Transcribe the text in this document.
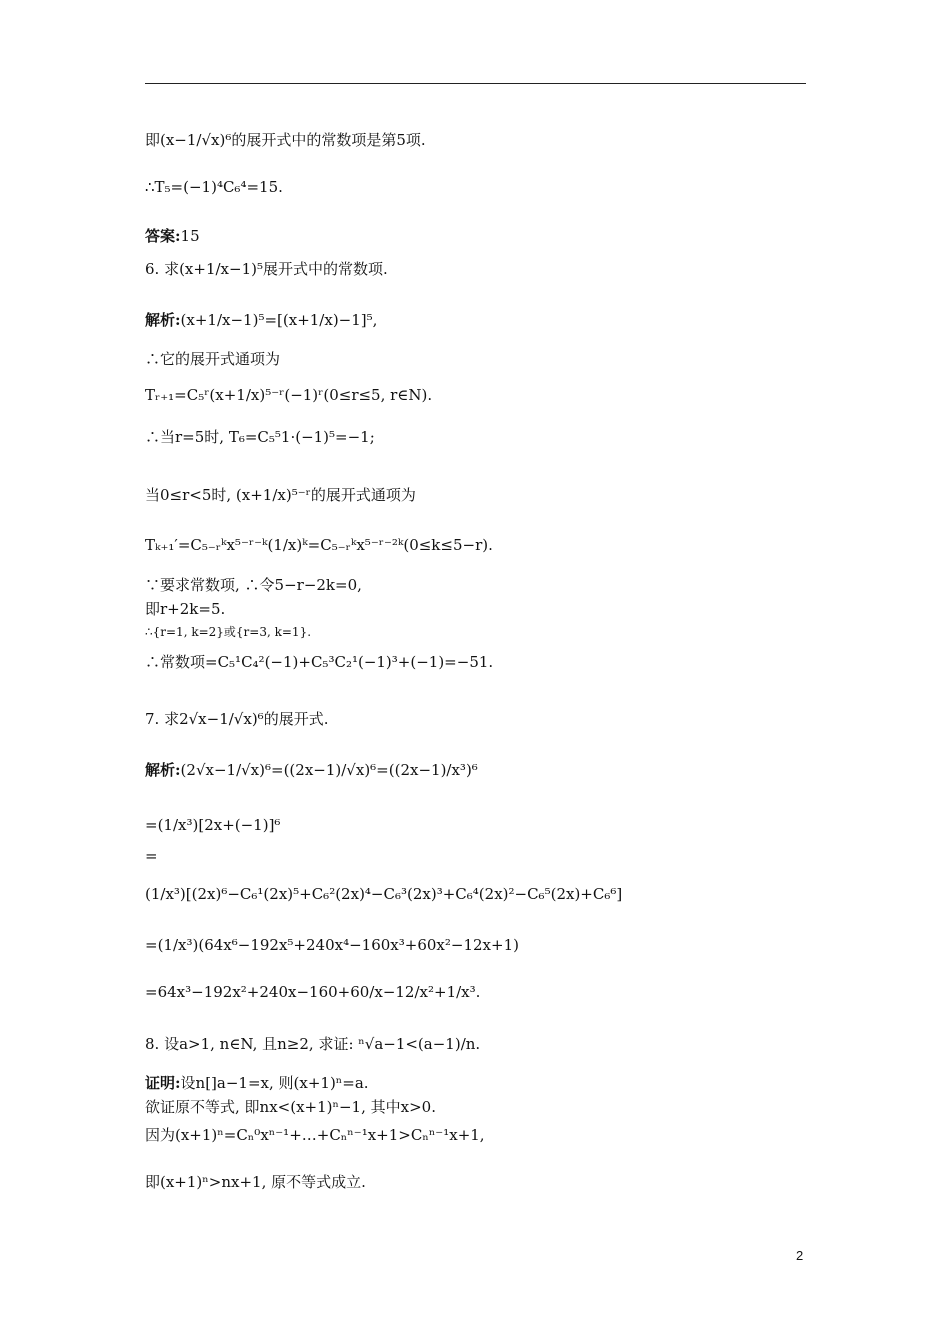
即(x−1/√x)⁶的展开式中的常数项是第5项.
∴T₅=(−1)⁴C₆⁴=15.
答案: 15
6. 求(x+1/x−1)⁵展开式中的常数项.
解析: (x+1/x−1)⁵=[(x+1/x)−1]⁵,
∴它的展开式通项为
Tᵣ₊₁=C₅ʳ(x+1/x)⁵⁻ʳ(−1)ʳ(0≤r≤5, r∈N).
∴当r=5时, T₆=C₅⁵1·(−1)⁵=−1;
当0≤r<5时, (x+1/x)⁵⁻ʳ的展开式通项为
Tₖ₊₁′=C₅₋ᵣᵏx⁵⁻ʳ⁻ᵏ(1/x)ᵏ=C₅₋ᵣᵏx⁵⁻ʳ⁻²ᵏ(0≤k≤5−r).
∵要求常数项, ∴令5−r−2k=0,
即r+2k=5.
∴{r=1, k=2}或{r=3, k=1}.
∴常数项=C₅¹C₄²(−1)+C₅³C₂¹(−1)³+(−1)=−51.
7. 求2√x−1/√x)⁶的展开式.
解析: (2√x−1/√x)⁶=((2x−1)/√x)⁶=((2x−1)/x³)⁶
=(1/x³)[2x+(−1)]⁶
=
(1/x³)[(2x)⁶−C₆¹(2x)⁵+C₆²(2x)⁴−C₆³(2x)³+C₆⁴(2x)²−C₆⁵(2x)+C₆⁶]
=(1/x³)(64x⁶−192x⁵+240x⁴−160x³+60x²−12x+1)
=64x³−192x²+240x−160+60/x−12/x²+1/x³.
8. 设a>1, n∈N, 且n≥2, 求证: ⁿ√a−1<(a−1)/n.
证明: 设n[]a−1=x, 则(x+1)ⁿ=a.
欲证原不等式, 即nx<(x+1)ⁿ−1, 其中x>0.
因为(x+1)ⁿ=Cₙ⁰xⁿ⁻¹+…+Cₙⁿ⁻¹x+1>Cₙⁿ⁻¹x+1,
即(x+1)ⁿ>nx+1, 原不等式成立.
2
